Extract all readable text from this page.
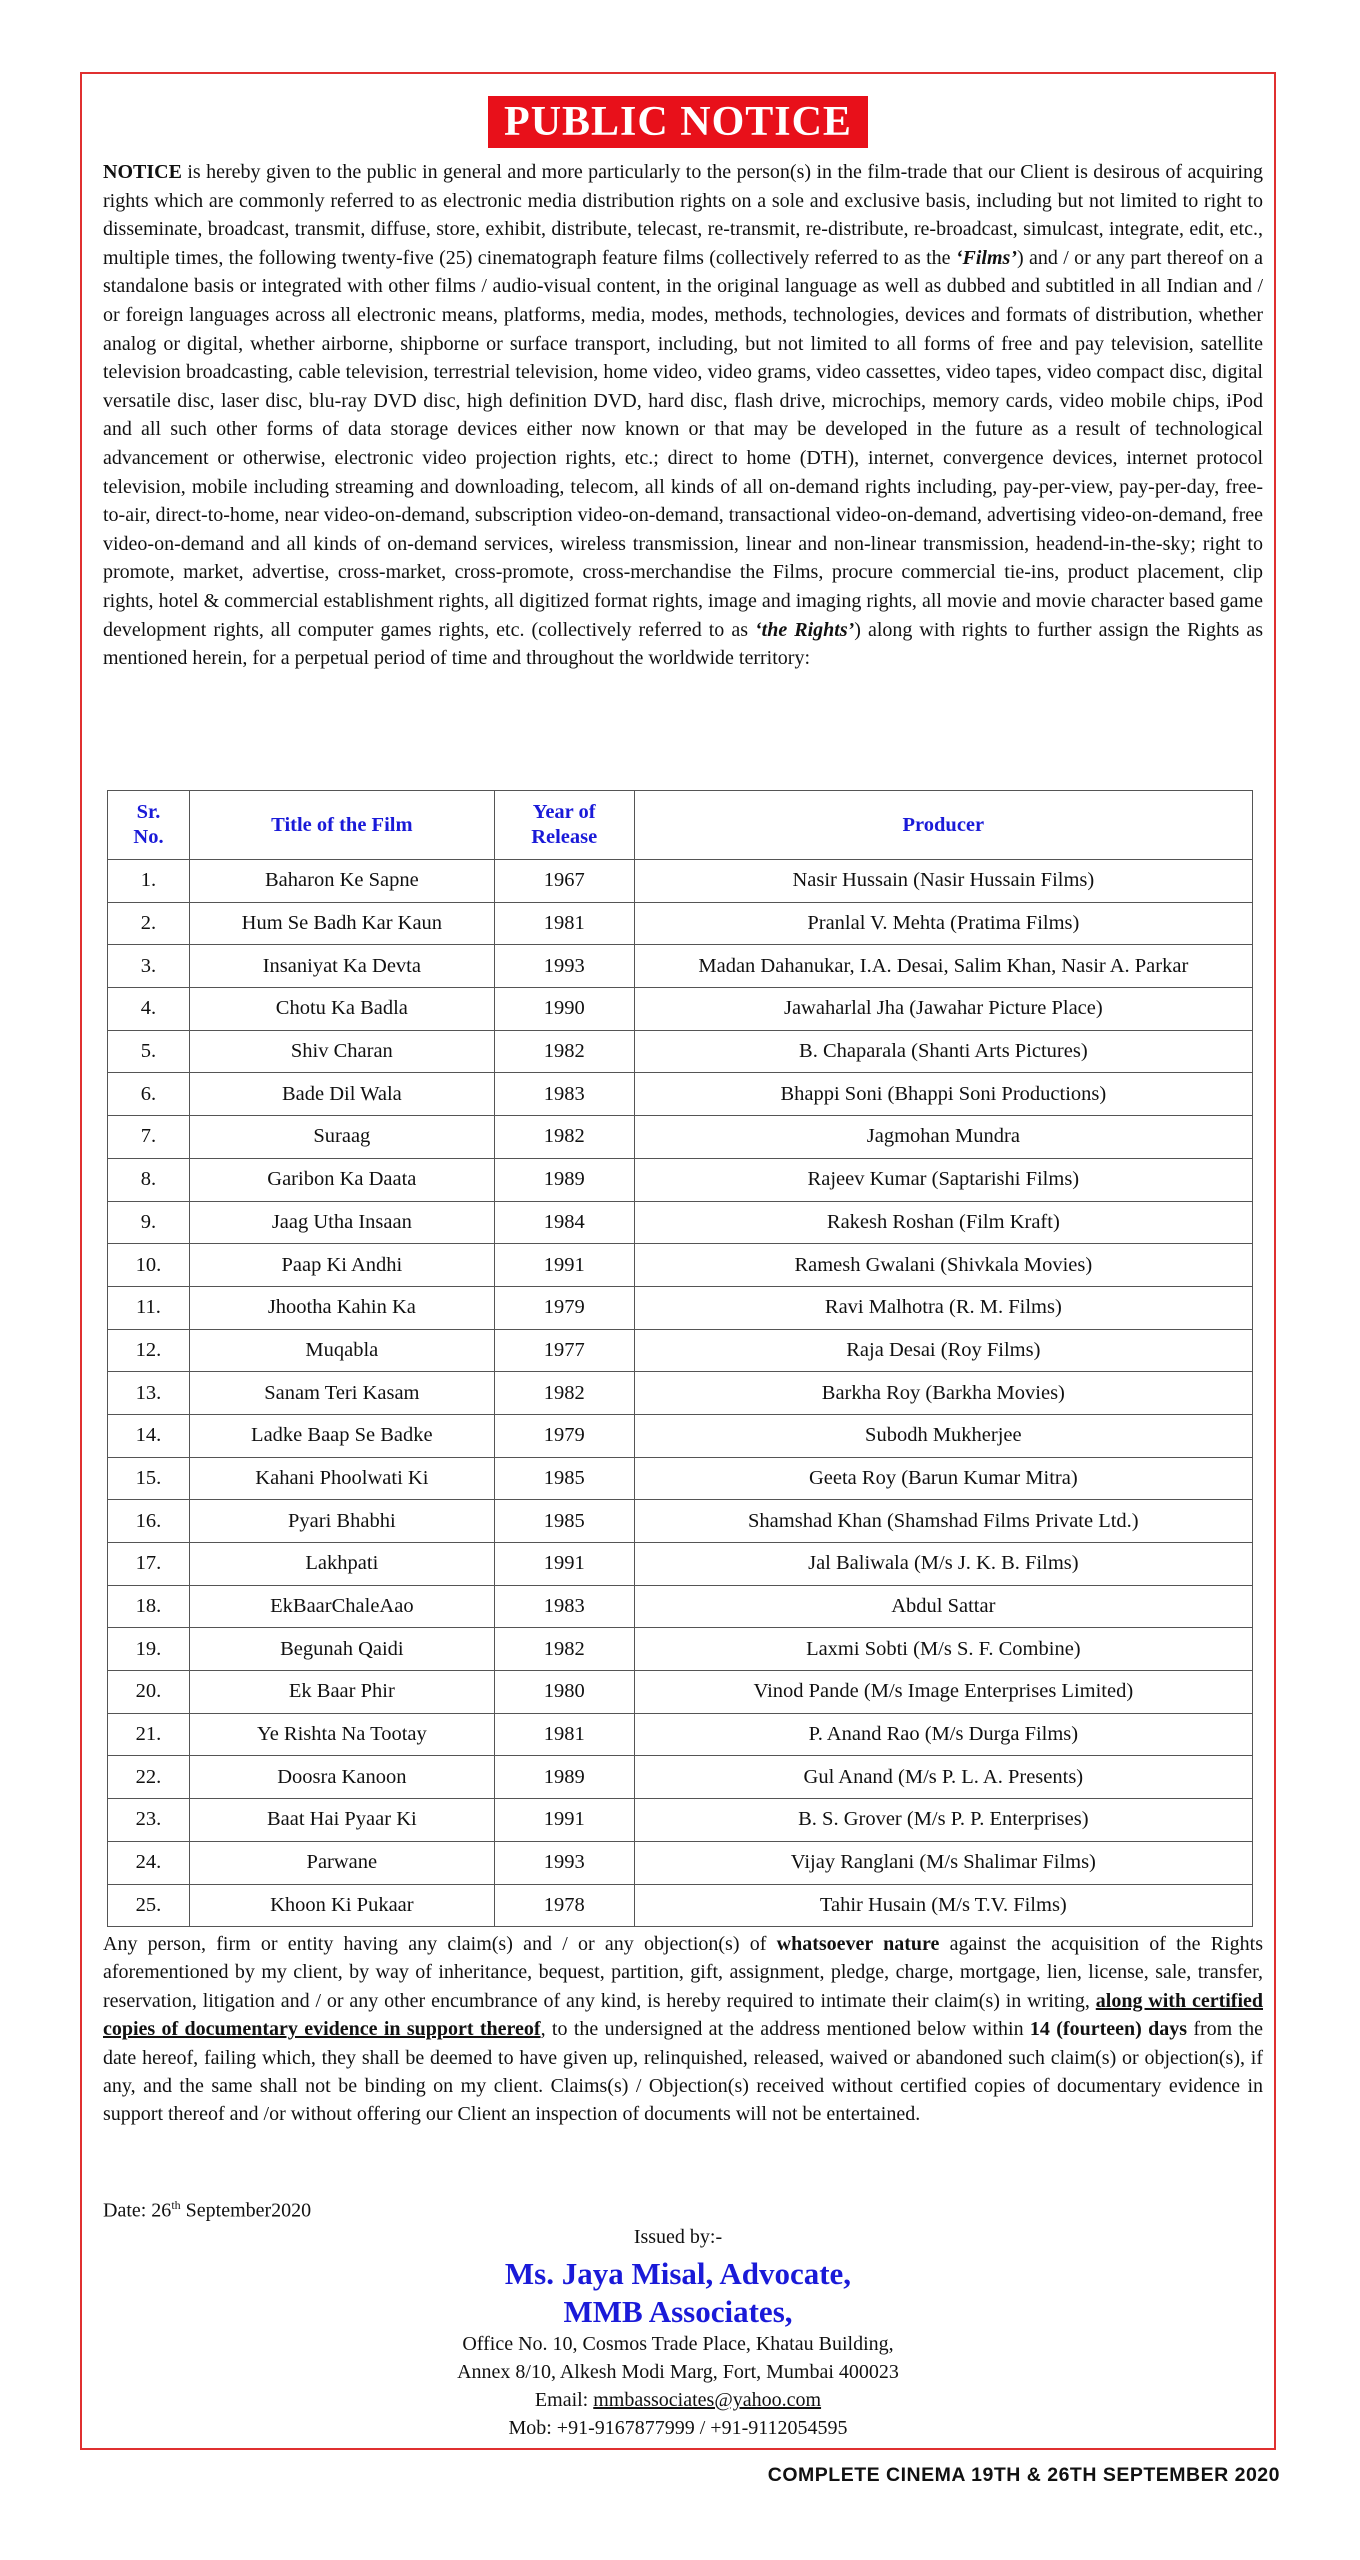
PUBLIC NOTICE
NOTICE is hereby given to the public in general and more particularly to the person(s) in the film-trade that our Client is desirous of acquiring rights which are commonly referred to as electronic media distribution rights on a sole and exclusive basis, including but not limited to right to disseminate, broadcast, transmit, diffuse, store, exhibit, distribute, telecast, re-transmit, re-distribute, re-broadcast, simulcast, integrate, edit, etc., multiple times, the following twenty-five (25) cinematograph feature films (collectively referred to as the ‘Films’) and / or any part thereof on a standalone basis or integrated with other films / audio-visual content, in the original language as well as dubbed and subtitled in all Indian and / or foreign languages across all electronic means, platforms, media, modes, methods, technologies, devices and formats of distribution, whether analog or digital, whether airborne, shipborne or surface transport, including, but not limited to all forms of free and pay television, satellite television broadcasting, cable television, terrestrial television, home video, video grams, video cassettes, video tapes, video compact disc, digital versatile disc, laser disc, blu-ray DVD disc, high definition DVD, hard disc, flash drive, microchips, memory cards, video mobile chips, iPod and all such other forms of data storage devices either now known or that may be developed in the future as a result of technological advancement or otherwise, electronic video projection rights, etc.; direct to home (DTH), internet, convergence devices, internet protocol television, mobile including streaming and downloading, telecom, all kinds of all on-demand rights including, pay-per-view, pay-per-day, free-to-air, direct-to-home, near video-on-demand, subscription video-on-demand, transactional video-on-demand, advertising video-on-demand, free video-on-demand and all kinds of on-demand services, wireless transmission, linear and non-linear transmission, headend-in-the-sky; right to promote, market, advertise, cross-market, cross-promote, cross-merchandise the Films, procure commercial tie-ins, product placement, clip rights, hotel & commercial establishment rights, all digitized format rights, image and imaging rights, all movie and movie character based game development rights, all computer games rights, etc. (collectively referred to as ‘the Rights’) along with rights to further assign the Rights as mentioned herein, for a perpetual period of time and throughout the worldwide territory:
Sr. No.	Title of the Film	Year of Release	Producer
1.	Baharon Ke Sapne	1967	Nasir Hussain (Nasir Hussain Films)
2.	Hum Se Badh Kar Kaun	1981	Pranlal V. Mehta (Pratima Films)
3.	Insaniyat Ka Devta	1993	Madan Dahanukar, I.A. Desai, Salim Khan, Nasir A. Parkar
4.	Chotu Ka Badla	1990	Jawaharlal Jha (Jawahar Picture Place)
5.	Shiv Charan	1982	B. Chaparala (Shanti Arts Pictures)
6.	Bade Dil Wala	1983	Bhappi Soni (Bhappi Soni Productions)
7.	Suraag	1982	Jagmohan Mundra
8.	Garibon Ka Daata	1989	Rajeev Kumar (Saptarishi Films)
9.	Jaag Utha Insaan	1984	Rakesh Roshan (Film Kraft)
10.	Paap Ki Andhi	1991	Ramesh Gwalani (Shivkala Movies)
11.	Jhootha Kahin Ka	1979	Ravi Malhotra (R. M. Films)
12.	Muqabla	1977	Raja Desai (Roy Films)
13.	Sanam Teri Kasam	1982	Barkha Roy (Barkha Movies)
14.	Ladke Baap Se Badke	1979	Subodh Mukherjee
15.	Kahani Phoolwati Ki	1985	Geeta Roy (Barun Kumar Mitra)
16.	Pyari Bhabhi	1985	Shamshad Khan (Shamshad Films Private Ltd.)
17.	Lakhpati	1991	Jal Baliwala (M/s J. K. B. Films)
18.	EkBaarChaleAao	1983	Abdul Sattar
19.	Begunah Qaidi	1982	Laxmi Sobti (M/s S. F. Combine)
20.	Ek Baar Phir	1980	Vinod Pande (M/s Image Enterprises Limited)
21.	Ye Rishta Na Tootay	1981	P. Anand Rao (M/s Durga Films)
22.	Doosra Kanoon	1989	Gul Anand (M/s P. L. A. Presents)
23.	Baat Hai Pyaar Ki	1991	B. S. Grover (M/s P. P. Enterprises)
24.	Parwane	1993	Vijay Ranglani (M/s Shalimar Films)
25.	Khoon Ki Pukaar	1978	Tahir Husain (M/s T.V. Films)
Any person, firm or entity having any claim(s) and / or any objection(s) of whatsoever nature against the acquisition of the Rights aforementioned by my client, by way of inheritance, bequest, partition, gift, assignment, pledge, charge, mortgage, lien, license, sale, transfer, reservation, litigation and / or any other encumbrance of any kind, is hereby required to intimate their claim(s) in writing, along with certified copies of documentary evidence in support thereof, to the undersigned at the address mentioned below within 14 (fourteen) days from the date hereof, failing which, they shall be deemed to have given up, relinquished, released, waived or abandoned such claim(s) or objection(s), if any, and the same shall not be binding on my client. Claims(s) / Objection(s) received without certified copies of documentary evidence in support thereof and /or without offering our Client an inspection of documents will not be entertained.
Date: 26th September2020
Issued by:-
Ms. Jaya Misal, Advocate,
MMB Associates,
Office No. 10, Cosmos Trade Place, Khatau Building,
Annex 8/10, Alkesh Modi Marg, Fort, Mumbai 400023
Email: mmbassociates@yahoo.com
Mob: +91-9167877999 / +91-9112054595
COMPLETE CINEMA 19TH & 26TH SEPTEMBER 2020
